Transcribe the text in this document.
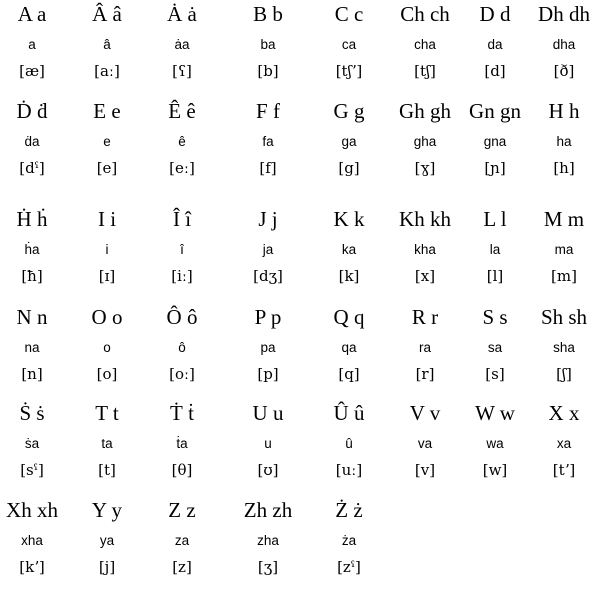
A a
a
[æ]
Â â
â
[aː]
Ȧ ȧ
ȧa
[ʕ]
B b
ba
[b]
C c
ca
[tʃʼ]
Ch ch
cha
[tʃ]
D d
da
[d]
Dh dh
dha
[ð]
Ḋ ḋ
ḋa
[dˤ]
E e
e
[e]
Ê ê
ê
[eː]
F f
fa
[f]
G g
ga
[g]
Gh gh
gha
[ɣ]
Gn gn
gna
[ɲ]
H h
ha
[h]
Ḣ ḣ
ḣa
[ħ]
I i
i
[ɪ]
Î î
î
[iː]
J j
ja
[dʒ]
K k
ka
[k]
Kh kh
kha
[x]
L l
la
[l]
M m
ma
[m]
N n
na
[n]
O o
o
[o]
Ô ô
ô
[oː]
P p
pa
[p]
Q q
qa
[q]
R r
ra
[r]
S s
sa
[s]
Sh sh
sha
[ʃ]
Ṡ ṡ
ṡa
[sˤ]
T t
ta
[t]
Ṫ ṫ
ṫa
[θ]
U u
u
[ʊ]
Û û
û
[uː]
V v
va
[v]
W w
wa
[w]
X x
xa
[tʼ]
Xh xh
xha
[kʼ]
Y y
ya
[j]
Z z
za
[z]
Zh zh
zha
[ʒ]
Ż ż
ża
[zˤ]
